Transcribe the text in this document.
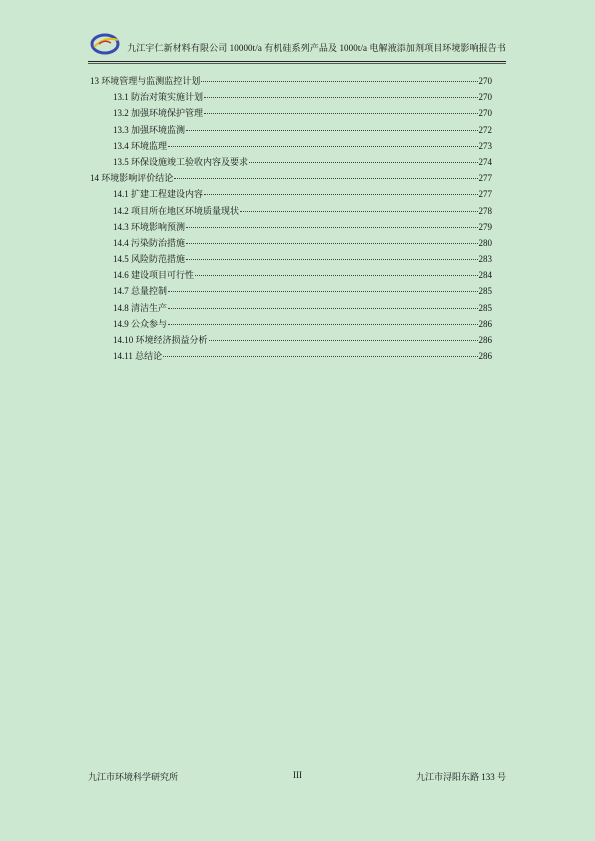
九江宇仁新材料有限公司 10000t/a 有机硅系列产品及 1000t/a 电解液添加剂项目环境影响报告书
13 环境管理与监测监控计划	270
13.1 防治对策实施计划	270
13.2 加强环境保护管理	270
13.3 加强环境监测	272
13.4 环境监理	273
13.5 环保设施竣工验收内容及要求	274
14 环境影响评价结论	277
14.1 扩建工程建设内容	277
14.2 项目所在地区环境质量现状	278
14.3 环境影响预测	279
14.4 污染防治措施	280
14.5 风险防范措施	283
14.6 建设项目可行性	284
14.7 总量控制	285
14.8 清洁生产	285
14.9 公众参与	286
14.10 环境经济损益分析	286
14.11 总结论	286
九江市环境科学研究所	III	九江市浔阳东路 133 号
